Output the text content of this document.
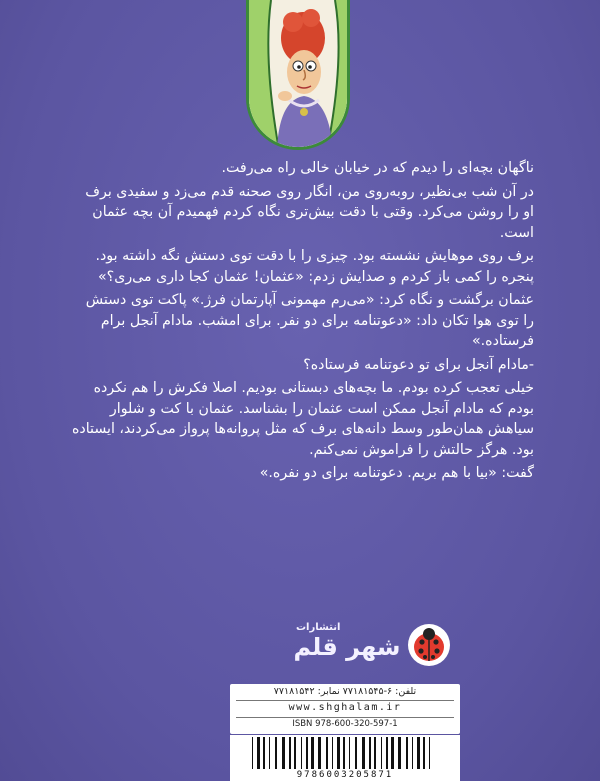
ناگهان بچه‌ای را دیدم که در خیابان خالی راه می‌رفت.

در آن شب بی‌نظیر، روبه‌روی من، انگار روی صحنه قدم می‌زد و سفیدی برف او را روشن می‌کرد. وقتی با دقت بیش‌تری نگاه کردم فهمیدم آن بچه عثمان است.

برف روی موهایش نشسته بود. چیزی را با دقت توی دستش نگه داشته بود. پنجره را کمی باز کردم و صدایش زدم: «عثمان! عثمان کجا داری می‌ری؟»

عثمان برگشت و نگاه کرد: «می‌رم مهمونی آپارتمان فرژ.» پاکت توی دستش را توی هوا تکان داد: «دعوتنامه برای دو نفر. برای امشب. مادام آنجل برام فرستاده.»

-مادام آنجل برای تو دعوتنامه فرستاده؟

خیلی تعجب کرده بودم. ما بچه‌های دبستانی بودیم. اصلا فکرش را هم نکرده بودم که مادام آنجل ممکن است عثمان را بشناسد. عثمان با کت و شلوار سیاهش همان‌طور وسط دانه‌های برف که مثل پروانه‌ها پرواز می‌کردند، ایستاده بود. هرگز حالتش را فراموش نمی‌کنم.

گفت: «بیا با هم بریم. دعوتنامه برای دو نفره.»

انتشارات
شهر قلم
تلفن: ۶-۷۷۱۸۱۵۴۵ نمابر: ۷۷۱۸۱۵۴۲
www.shghalam.ir
ISBN 978-600-320-597-1
9786003205871
